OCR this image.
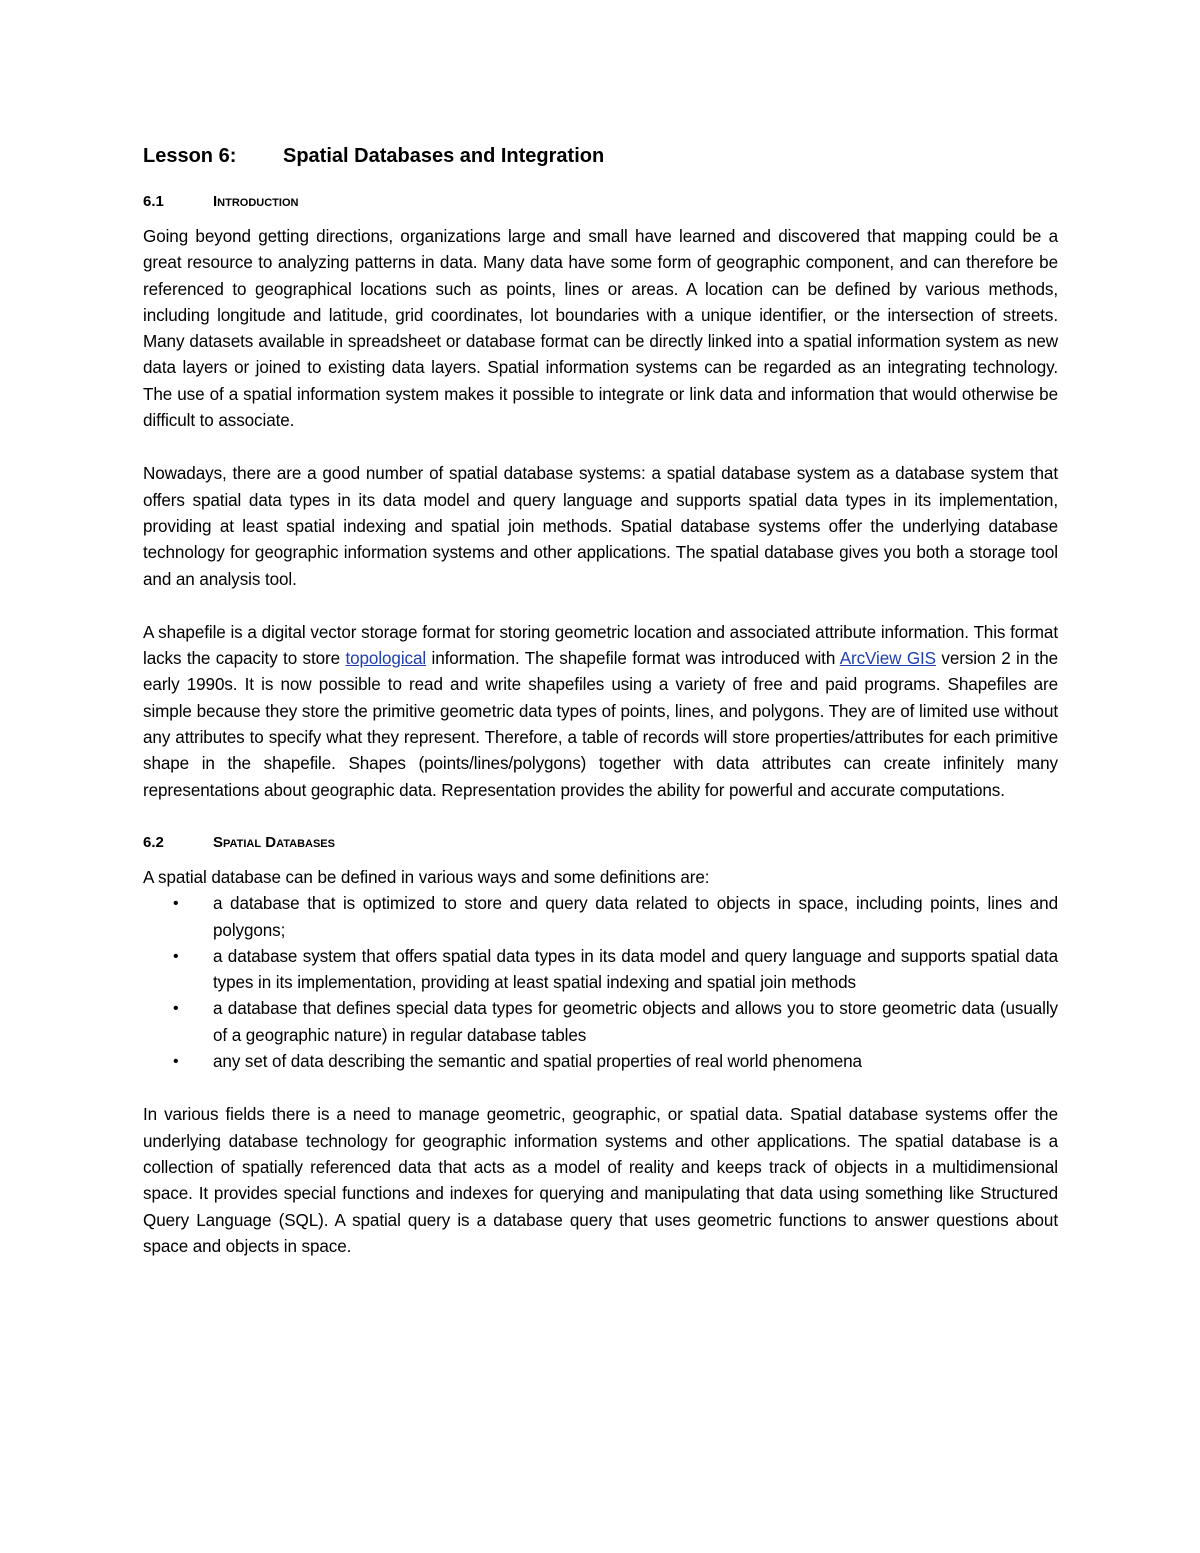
Lesson 6: Spatial Databases and Integration
6.1	Introduction

Going beyond getting directions, organizations large and small have learned and discovered that mapping could be a great resource to analyzing patterns in data. Many data have some form of geographic component, and can therefore be referenced to geographical locations such as points, lines or areas. A location can be defined by various methods, including longitude and latitude, grid coordinates, lot boundaries with a unique identifier, or the intersection of streets. Many datasets available in spreadsheet or database format can be directly linked into a spatial information system as new data layers or joined to existing data layers. Spatial information systems can be regarded as an integrating technology. The use of a spatial information system makes it possible to integrate or link data and information that would otherwise be difficult to associate.

Nowadays, there are a good number of spatial database systems: a spatial database system as a database system that offers spatial data types in its data model and query language and supports spatial data types in its implementation, providing at least spatial indexing and spatial join methods. Spatial database systems offer the underlying database technology for geographic information systems and other applications. The spatial database gives you both a storage tool and an analysis tool.

A shapefile is a digital vector storage format for storing geometric location and associated attribute information. This format lacks the capacity to store topological information. The shapefile format was introduced with ArcView GIS version 2 in the early 1990s. It is now possible to read and write shapefiles using a variety of free and paid programs. Shapefiles are simple because they store the primitive geometric data types of points, lines, and polygons. They are of limited use without any attributes to specify what they represent. Therefore, a table of records will store properties/attributes for each primitive shape in the shapefile. Shapes (points/lines/polygons) together with data attributes can create infinitely many representations about geographic data. Representation provides the ability for powerful and accurate computations.

6.2	Spatial Databases

A spatial database can be defined in various ways and some definitions are:

• a database that is optimized to store and query data related to objects in space, including points, lines and polygons;
• a database system that offers spatial data types in its data model and query language and supports spatial data types in its implementation, providing at least spatial indexing and spatial join methods
• a database that defines special data types for geometric objects and allows you to store geometric data (usually of a geographic nature) in regular database tables
• any set of data describing the semantic and spatial properties of real world phenomena

In various fields there is a need to manage geometric, geographic, or spatial data. Spatial database systems offer the underlying database technology for geographic information systems and other applications. The spatial database is a collection of spatially referenced data that acts as a model of reality and keeps track of objects in a multidimensional space. It provides special functions and indexes for querying and manipulating that data using something like Structured Query Language (SQL). A spatial query is a database query that uses geometric functions to answer questions about space and objects in space.
